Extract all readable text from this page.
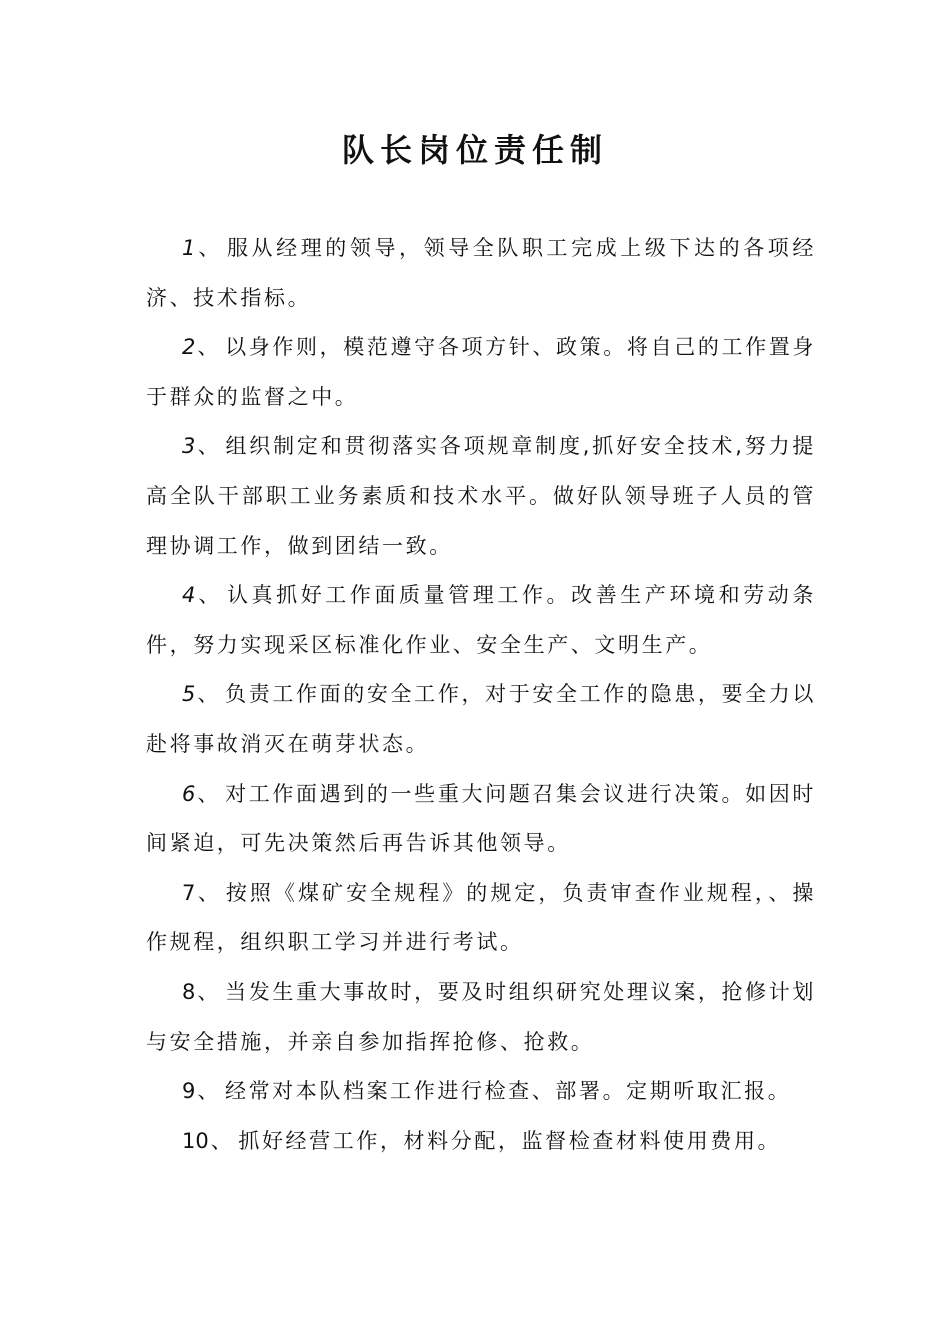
队长岗位责任制

1、 服从经理的领导，领导全队职工完成上级下达的各项经济、技术指标。

2、 以身作则，模范遵守各项方针、政策。将自己的工作置身于群众的监督之中。

3、 组织制定和贯彻落实各项规章制度,抓好安全技术,努力提高全队干部职工业务素质和技术水平。做好队领导班子人员的管理协调工作，做到团结一致。

4、 认真抓好工作面质量管理工作。改善生产环境和劳动条件，努力实现采区标准化作业、安全生产、文明生产。

5、 负责工作面的安全工作，对于安全工作的隐患，要全力以赴将事故消灭在萌芽状态。

6、 对工作面遇到的一些重大问题召集会议进行决策。如因时间紧迫，可先决策然后再告诉其他领导。

7、 按照《煤矿安全规程》的规定，负责审查作业规程，、操作规程，组织职工学习并进行考试。

8、 当发生重大事故时，要及时组织研究处理议案，抢修计划与安全措施，并亲自参加指挥抢修、抢救。

9、 经常对本队档案工作进行检查、部署。定期听取汇报。

10、 抓好经营工作，材料分配，监督检查材料使用费用。
